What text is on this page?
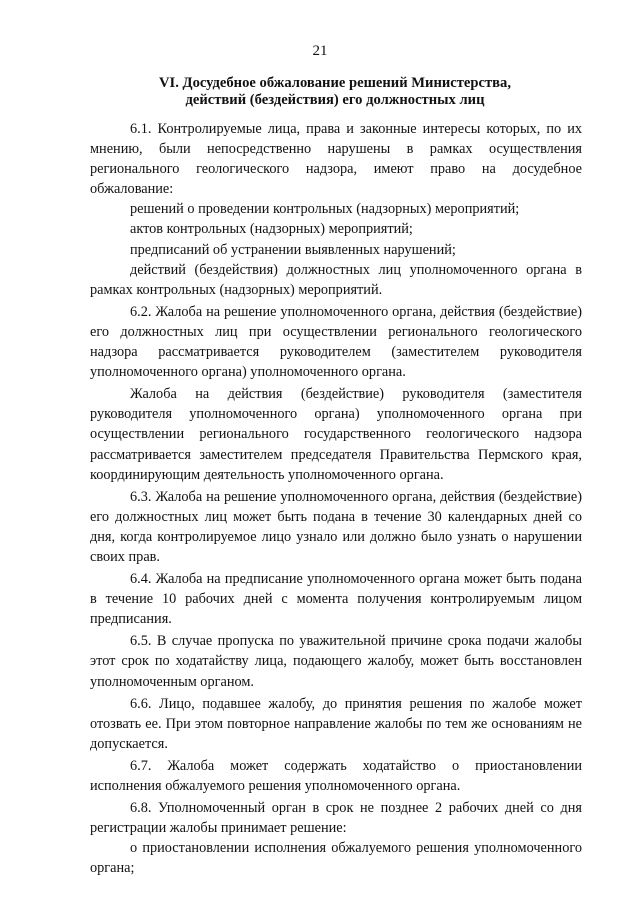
21
VI. Досудебное обжалование решений Министерства,
действий (бездействия) его должностных лиц

6.1. Контролируемые лица, права и законные интересы которых, по их мнению, были непосредственно нарушены в рамках осуществления регионального геологического надзора, имеют право на досудебное обжалование:

решений о проведении контрольных (надзорных) мероприятий;

актов контрольных (надзорных) мероприятий;

предписаний об устранении выявленных нарушений;

действий (бездействия) должностных лиц уполномоченного органа в рамках контрольных (надзорных) мероприятий.

6.2. Жалоба на решение уполномоченного органа, действия (бездействие) его должностных лиц при осуществлении регионального геологического надзора рассматривается руководителем (заместителем руководителя уполномоченного органа) уполномоченного органа.

Жалоба на действия (бездействие) руководителя (заместителя руководителя уполномоченного органа) уполномоченного органа при осуществлении регионального государственного геологического надзора рассматривается заместителем председателя Правительства Пермского края, координирующим деятельность уполномоченного органа.

6.3. Жалоба на решение уполномоченного органа, действия (бездействие) его должностных лиц может быть подана в течение 30 календарных дней со дня, когда контролируемое лицо узнало или должно было узнать о нарушении своих прав.

6.4. Жалоба на предписание уполномоченного органа может быть подана в течение 10 рабочих дней с момента получения контролируемым лицом предписания.

6.5. В случае пропуска по уважительной причине срока подачи жалобы этот срок по ходатайству лица, подающего жалобу, может быть восстановлен уполномоченным органом.

6.6. Лицо, подавшее жалобу, до принятия решения по жалобе может отозвать ее. При этом повторное направление жалобы по тем же основаниям не допускается.

6.7. Жалоба может содержать ходатайство о приостановлении исполнения обжалуемого решения уполномоченного органа.

6.8. Уполномоченный орган в срок не позднее 2 рабочих дней со дня регистрации жалобы принимает решение:

о приостановлении исполнения обжалуемого решения уполномоченного органа;
